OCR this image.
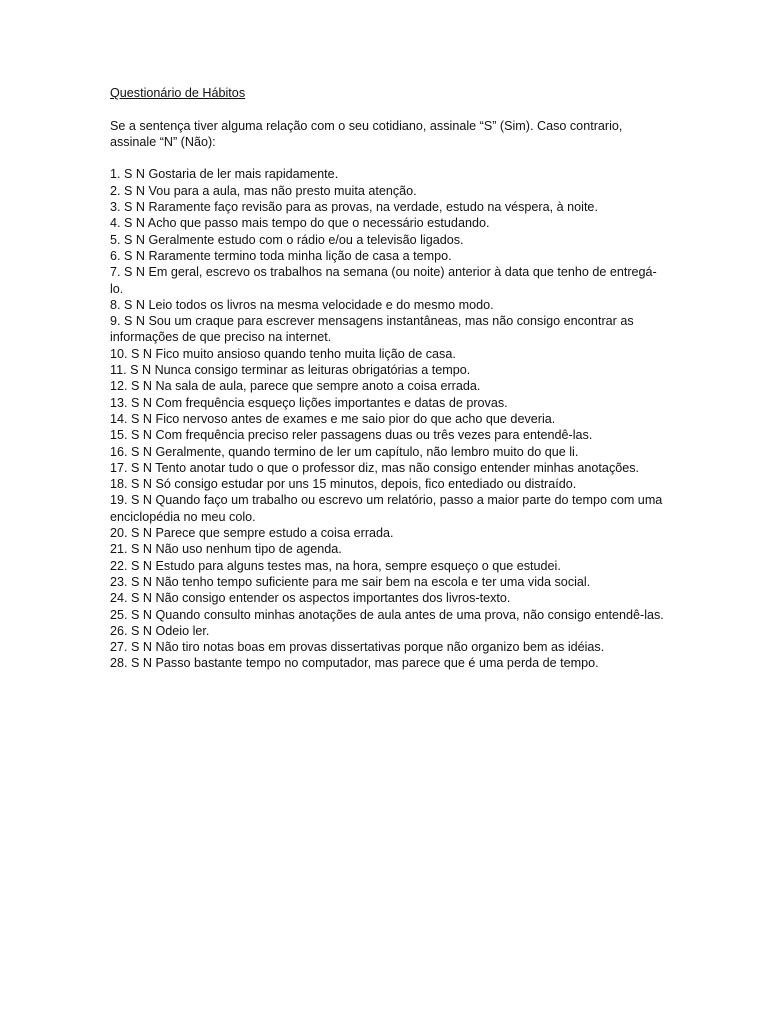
Questionário de Hábitos
Se a sentença tiver alguma relação com o seu cotidiano, assinale “S” (Sim). Caso contrario, assinale “N” (Não):
1. S N Gostaria de ler mais rapidamente.
2. S N Vou para a aula, mas não presto muita atenção.
3. S N Raramente faço revisão para as provas, na verdade, estudo na véspera, à noite.
4. S N Acho que passo mais tempo do que o necessário estudando.
5. S N Geralmente estudo com o rádio e/ou a televisão ligados.
6. S N Raramente termino toda minha lição de casa a tempo.
7. S N Em geral, escrevo os trabalhos na semana (ou noite) anterior à data que tenho de entregá-lo.
8. S N Leio todos os livros na mesma velocidade e do mesmo modo.
9. S N Sou um craque para escrever mensagens instantâneas, mas não consigo encontrar as informações de que preciso na internet.
10. S N Fico muito ansioso quando tenho muita lição de casa.
11. S N Nunca consigo terminar as leituras obrigatórias a tempo.
12. S N Na sala de aula, parece que sempre anoto a coisa errada.
13. S N Com frequência esqueço lições importantes e datas de provas.
14. S N Fico nervoso antes de exames e me saio pior do que acho que deveria.
15. S N Com frequência preciso reler passagens duas ou três vezes para entendê-las.
16. S N Geralmente, quando termino de ler um capítulo, não lembro muito do que li.
17. S N Tento anotar tudo o que o professor diz, mas não consigo entender minhas anotações.
18. S N Só consigo estudar por uns 15 minutos, depois, fico entediado ou distraído.
19. S N Quando faço um trabalho ou escrevo um relatório, passo a maior parte do tempo com uma enciclopédia no meu colo.
20. S N Parece que sempre estudo a coisa errada.
21. S N Não uso nenhum tipo de agenda.
22. S N Estudo para alguns testes mas, na hora, sempre esqueço o que estudei.
23. S N Não tenho tempo suficiente para me sair bem na escola e ter uma vida social.
24. S N Não consigo entender os aspectos importantes dos livros-texto.
25. S N Quando consulto minhas anotações de aula antes de uma prova, não consigo entendê-las.
26. S N Odeio ler.
27. S N Não tiro notas boas em provas dissertativas porque não organizo bem as idéias.
28. S N Passo bastante tempo no computador, mas parece que é uma perda de tempo.
